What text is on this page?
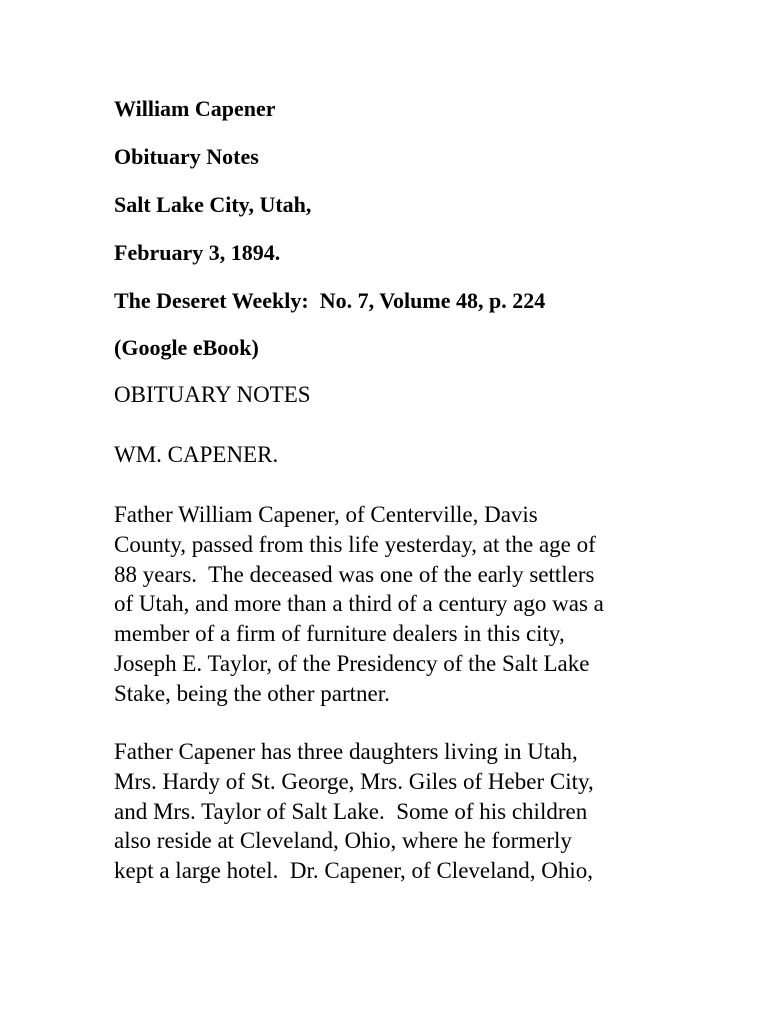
William Capener

Obituary Notes

Salt Lake City, Utah,

February 3, 1894.

The Deseret Weekly:  No. 7, Volume 48, p. 224

(Google eBook)

OBITUARY NOTES

WM. CAPENER.

Father William Capener, of Centerville, Davis
County, passed from this life yesterday, at the age of
88 years.  The deceased was one of the early settlers
of Utah, and more than a third of a century ago was a
member of a firm of furniture dealers in this city,
Joseph E. Taylor, of the Presidency of the Salt Lake
Stake, being the other partner.
Father Capener has three daughters living in Utah,
Mrs. Hardy of St. George, Mrs. Giles of Heber City,
and Mrs. Taylor of Salt Lake.  Some of his children
also reside at Cleveland, Ohio, where he formerly
kept a large hotel.  Dr. Capener, of Cleveland, Ohio,
